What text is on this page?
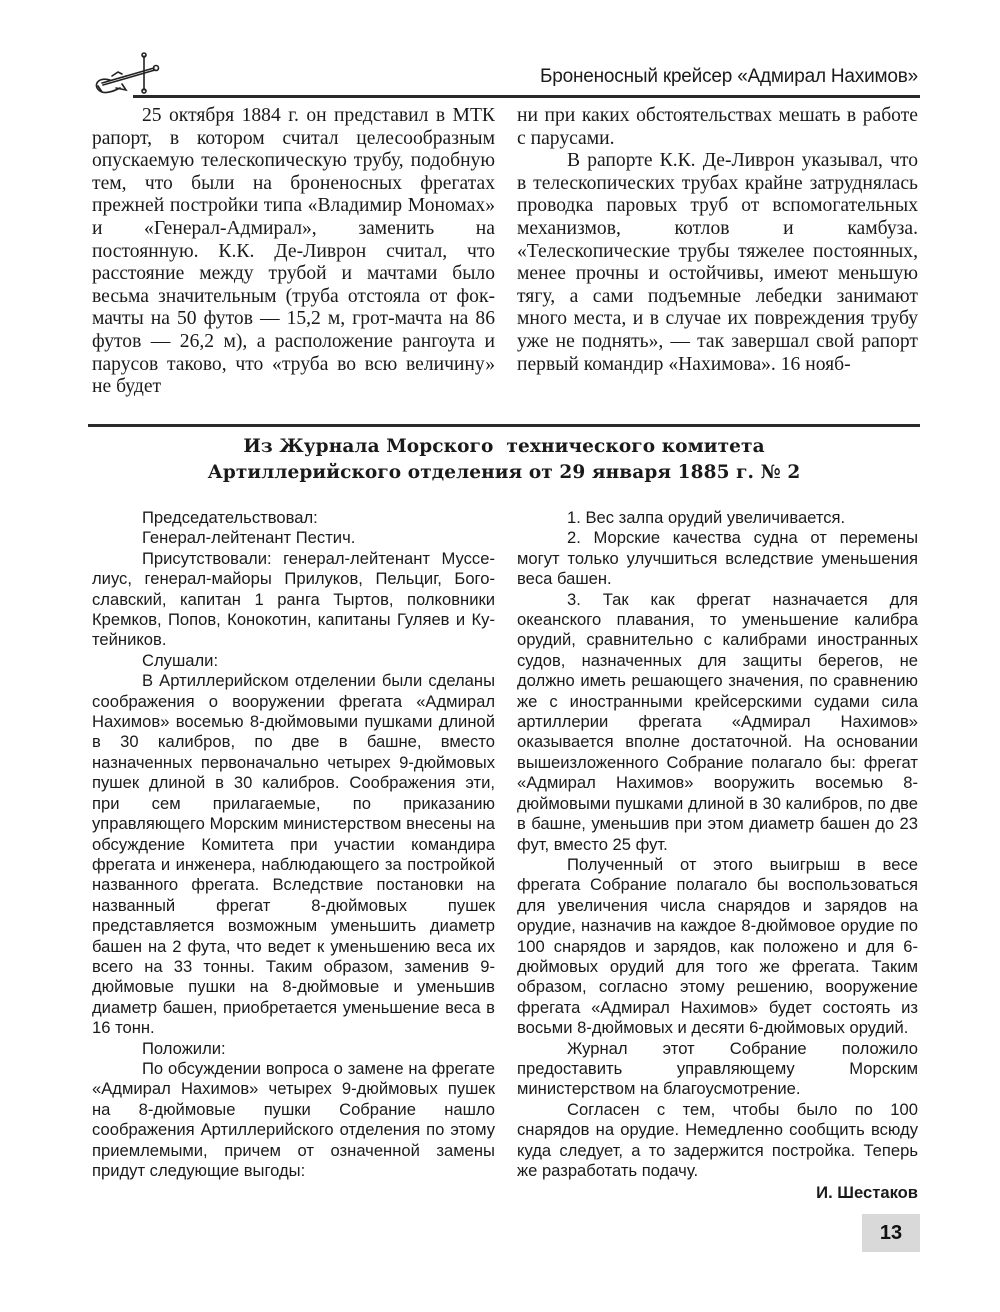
Броненосный крейсер «Адмирал Нахимов»

25 октября 1884 г. он представил в МТК рапорт, в котором считал целесообразным опускаемую телескопическую трубу, подобную тем, что были на броненосных фрегатах прежней постройки типа «Владимир Мономах» и «Генерал-Адмирал», заменить на постоянную. К.К. Де-Ливрон считал, что расстояние между трубой и мачтами было весьма значительным (труба отстояла от фок-мачты на 50 футов — 15,2 м, грот-мачта на 86 футов — 26,2 м), а расположение рангоута и парусов таково, что «труба во всю величину» не будет

ни при каких обстоятельствах мешать в работе с парусами.

В рапорте К.К. Де-Ливрон указывал, что в телескопических трубах крайне затруднялась проводка паровых труб от вспомогательных механизмов, котлов и камбуза. «Телескопические трубы тяжелее постоянных, менее прочны и остойчивы, имеют меньшую тягу, а сами подъемные лебедки занимают много места, и в случае их повреждения трубу уже не поднять», — так завершал свой рапорт первый командир «Нахимова». 16 нояб-

Из Журнала Морского  технического комитета
Артиллерийского отделения от 29 января 1885 г. № 2

Председательствовал:

Генерал-лейтенант Пестич.

Присутствовали: генерал-лейтенант Мусселиус, генерал-майоры Прилуков, Пельциг, Богославский, капитан 1 ранга Тыртов, полковники Кремков, Попов, Конокотин, капитаны Гуляев и Кутейников.

Слушали:

В Артиллерийском отделении были сделаны соображения о вооружении фрегата «Адмирал Нахимов» восемью 8-дюймовыми пушками длиной в 30 калибров, по две в башне, вместо назначенных первоначально четырех 9-дюймовых пушек длиной в 30 калибров. Соображения эти, при сем прилагаемые, по приказанию управляющего Морским министерством внесены на обсуждение Комитета при участии командира фрегата и инженера, наблюдающего за постройкой названного фрегата. Вследствие постановки на названный фрегат 8-дюймовых пушек представляется возможным уменьшить диаметр башен на 2 фута, что ведет к уменьшению веса их всего на 33 тонны. Таким образом, заменив 9-дюймовые пушки на 8-дюймовые и уменьшив диаметр башен, приобретается уменьшение веса в 16 тонн.

Положили:

По обсуждении вопроса о замене на фрегате «Адмирал Нахимов» четырех 9-дюймовых пушек на 8-дюймовые пушки Собрание нашло соображения Артиллерийского отделения по этому приемлемыми, причем от означенной замены придут следующие выгоды:

1. Вес залпа орудий увеличивается.

2. Морские качества судна от перемены могут только улучшиться вследствие уменьшения веса башен.

3. Так как фрегат назначается для океанского плавания, то уменьшение калибра орудий, сравнительно с калибрами иностранных судов, назначенных для защиты берегов, не должно иметь решающего значения, по сравнению же с иностранными крейсерскими судами сила артиллерии фрегата «Адмирал Нахимов» оказывается вполне достаточной. На основании вышеизложенного Собрание полагало бы: фрегат «Адмирал Нахимов» вооружить восемью 8-дюймовыми пушками длиной в 30 калибров, по две в башне, уменьшив при этом диаметр башен до 23 фут, вместо 25 фут.

Полученный от этого выигрыш в весе фрегата Собрание полагало бы воспользоваться для увеличения числа снарядов и зарядов на орудие, назначив на каждое 8-дюймовое орудие по 100 снарядов и зарядов, как положено и для 6-дюймовых орудий для того же фрегата. Таким образом, согласно этому решению, вооружение фрегата «Адмирал Нахимов» будет состоять из восьми 8-дюймовых и десяти 6-дюймовых орудий.

Журнал этот Собрание положило предоставить управляющему Морским министерством на благоусмотрение.

Согласен с тем, чтобы было по 100 снарядов на орудие. Немедленно сообщить всюду куда следует, а то задержится постройка. Теперь же разработать подачу.

И. Шестаков

13
